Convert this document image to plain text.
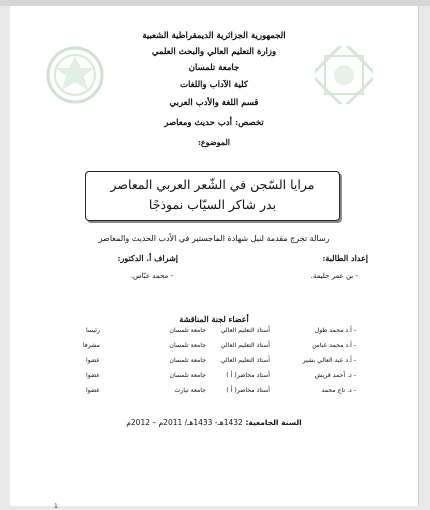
الجمهورية الجزائرية الديمقراطية الشعبية
وزارة التعليم العالي والبحث العلمي
جامعة تلمسان
كلية الآداب واللغات
قسم اللغة والأدب العربي
تخصص: أدب حديث ومعاصر
الموضوع:
مرايا السّجن في الشّعر العربي المعاصر
بدر شاكر السيّاب نموذجًا
رسالة تخرج مقدمة لنيل شهادة الماجستير في الأدب الحديث والمعاصر
إعداد الطالبة:
- بن عمر حليمة.
إشراف أ. الدكتور:
- محمد عبّاس.
أعضاء لجنة المناقشة
- أ.د محمد طول
أستاذ التعليم العالي
جامعة تلمسان
رئيسا
- أ.د محمد عباس
أستاذ التعليم العالي
جامعة تلمسان
مشرفا
- أ.د عبد العالي بشير
أستاذ التعليم العالي
جامعة تلمسان
عضوا
- د. أحمد قريش
أستاذ محاضر( أ )
جامعة تلمسان
عضوا
- د. تاج محمد
أستاذ محاضر( أ )
جامعة تيارت
عضوا
السنة الجامعية: 1432هـ- 1433هـ/ 2011م – 2012م
1
